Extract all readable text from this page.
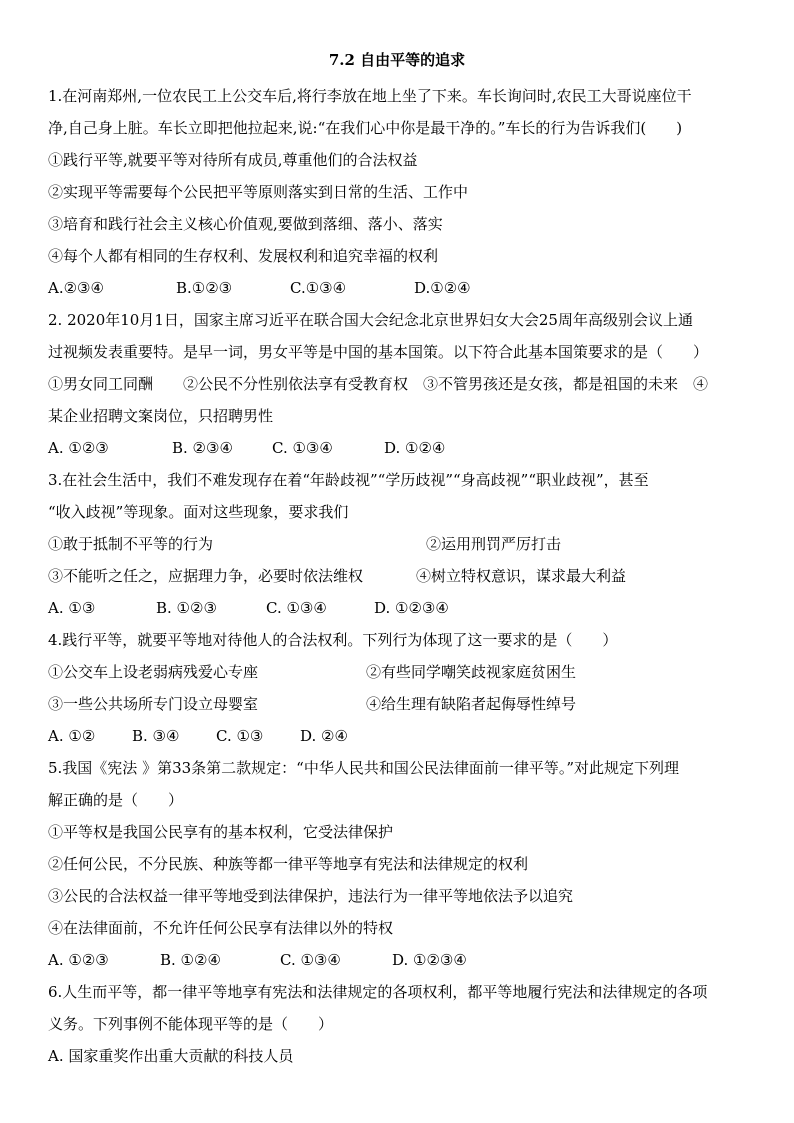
7.2 自由平等的追求
1.在河南郑州,一位农民工上公交车后,将行李放在地上坐了下来。车长询问时,农民工大哥说座位干
净,自己身上脏。车长立即把他拉起来,说:“在我们心中你是最干净的。”车长的行为告诉我们(　　)
①践行平等,就要平等对待所有成员,尊重他们的合法权益
②实现平等需要每个公民把平等原则落实到日常的生活、工作中
③培育和践行社会主义核心价值观,要做到落细、落小、落实
④每个人都有相同的生存权利、发展权利和追究幸福的权利
A.②③④	B.①②③	C.①③④	D.①②④
2. 2020年10月1日，国家主席习近平在联合国大会纪念北京世界妇女大会25周年高级别会议上通
过视频发表重要特。是早一词，男女平等是中国的基本国策。以下符合此基本国策要求的是（　　）
①男女同工同酬　　②公民不分性别依法享有受教育权　③不管男孩还是女孩，都是祖国的未来　④
某企业招聘文案岗位，只招聘男性
A. ①②③	B. ②③④	C. ①③④	D. ①②④
3.在社会生活中，我们不难发现存在着“年龄歧视”“学历歧视”“身高歧视”“职业歧视”，甚至
“收入歧视”等现象。面对这些现象，要求我们
①敢于抵制不平等的行为	②运用刑罚严厉打击
③不能听之任之，应据理力争，必要时依法维权	④树立特权意识，谋求最大利益
A. ①③	B. ①②③	C. ①③④	D. ①②③④
4.践行平等，就要平等地对待他人的合法权利。下列行为体现了这一要求的是（　　）
①公交车上设老弱病残爱心专座	②有些同学嘲笑歧视家庭贫困生
③一些公共场所专门设立母婴室	④给生理有缺陷者起侮辱性绰号
A. ①② B. ③④ C. ①③ D. ②④
5.我国《宪法 》第33条第二款规定：“中华人民共和国公民法律面前一律平等。”对此规定下列理
解正确的是（　　）
①平等权是我国公民享有的基本权利，它受法律保护
②任何公民，不分民族、种族等都一律平等地享有宪法和法律规定的权利
③公民的合法权益一律平等地受到法律保护，违法行为一律平等地依法予以追究
④在法律面前，不允许任何公民享有法律以外的特权
A. ①②③	B. ①②④	C. ①③④	D. ①②③④
6.人生而平等，都一律平等地享有宪法和法律规定的各项权利，都平等地履行宪法和法律规定的各项
义务。下列事例不能体现平等的是（　　）
A. 国家重奖作出重大贡献的科技人员
